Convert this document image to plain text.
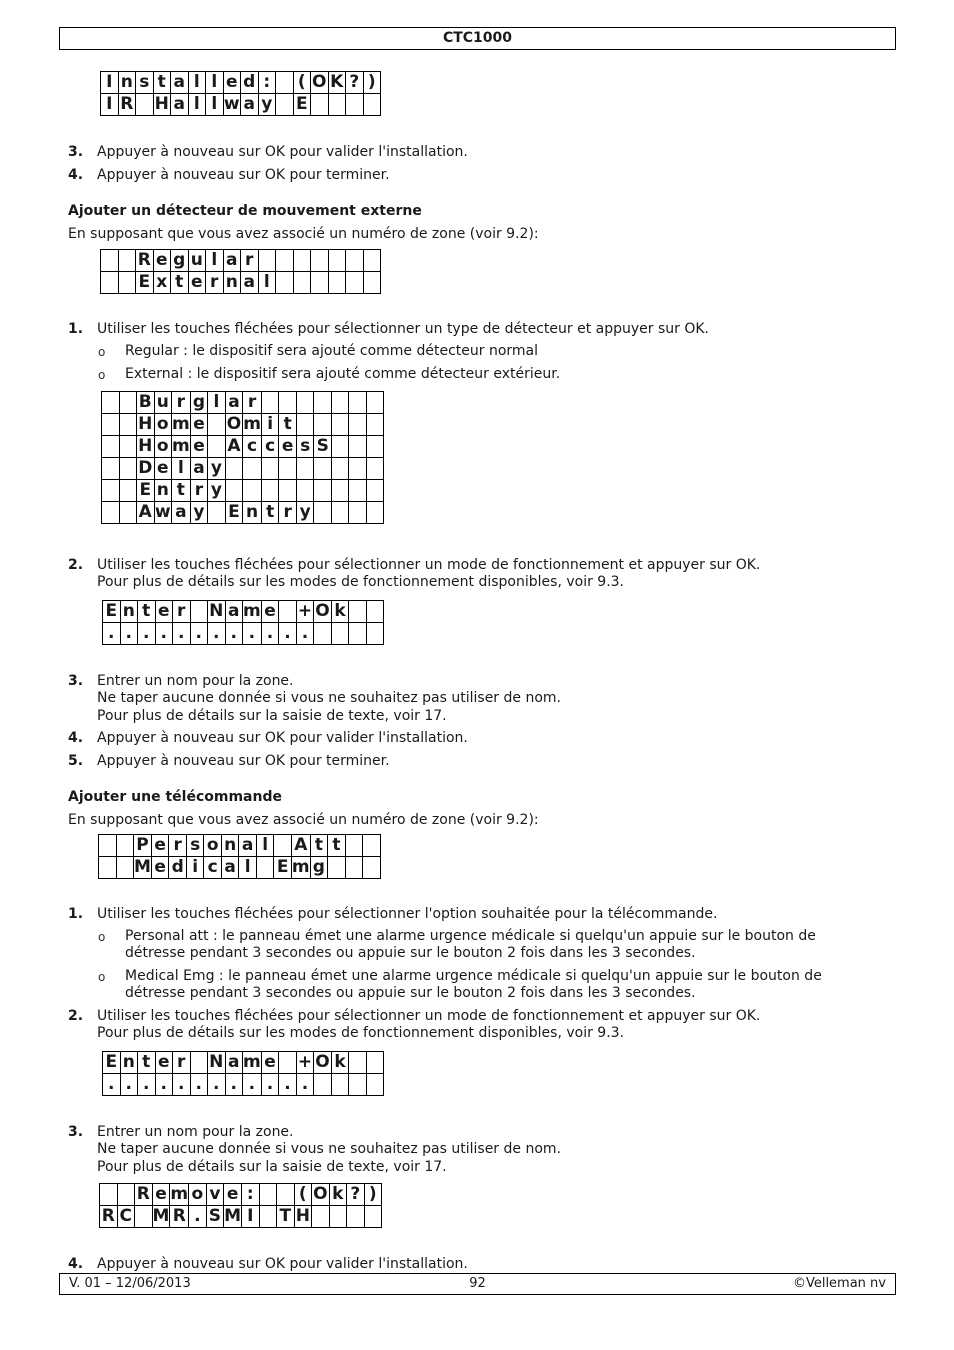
CTC1000
I	n	s	t	a	l	l	e	d	:		(	O	K	?	)
I	R		H	a	l	l	w	a	y		E				
3. Appuyer à nouveau sur OK pour valider l'installation.
4. Appuyer à nouveau sur OK pour terminer.
Ajouter un détecteur de mouvement externe
En supposant que vous avez associé un numéro de zone (voir 9.2):
		R	e	g	u	l	a	r							
		E	x	t	e	r	n	a	l						
1. Utiliser les touches fléchées pour sélectionner un type de détecteur et appuyer sur OK.
o Regular : le dispositif sera ajouté comme détecteur normal
o External : le dispositif sera ajouté comme détecteur extérieur.
		B	u	r	g	l	a	r							
		H	o	m	e		O	m	i	t					
		H	o	m	e		A	c	c	e	s	S			
		D	e	l	a	y									
		E	n	t	r	y									
		A	w	a	y		E	n	t	r	y				
2. Utiliser les touches fléchées pour sélectionner un mode de fonctionnement et appuyer sur OK.
Pour plus de détails sur les modes de fonctionnement disponibles, voir 9.3.
E	n	t	e	r		N	a	m	e		+	O	k		
.	.	.	.	.	.	.	.	.	.	.	.				
3. Entrer un nom pour la zone.
Ne taper aucune donnée si vous ne souhaitez pas utiliser de nom.
Pour plus de détails sur la saisie de texte, voir 17.
4. Appuyer à nouveau sur OK pour valider l'installation.
5. Appuyer à nouveau sur OK pour terminer.
Ajouter une télécommande
En supposant que vous avez associé un numéro de zone (voir 9.2):
		P	e	r	s	o	n	a	l		A	t	t		
		M	e	d	i	c	a	l		E	m	g			
1. Utiliser les touches fléchées pour sélectionner l'option souhaitée pour la télécommande.
o Personal att : le panneau émet une alarme urgence médicale si quelqu'un appuie sur le bouton de
détresse pendant 3 secondes ou appuie sur le bouton 2 fois dans les 3 secondes.
o Medical Emg : le panneau émet une alarme urgence médicale si quelqu'un appuie sur le bouton de
détresse pendant 3 secondes ou appuie sur le bouton 2 fois dans les 3 secondes.
2. Utiliser les touches fléchées pour sélectionner un mode de fonctionnement et appuyer sur OK.
Pour plus de détails sur les modes de fonctionnement disponibles, voir 9.3.
E	n	t	e	r		N	a	m	e		+	O	k		
.	.	.	.	.	.	.	.	.	.	.	.				
3. Entrer un nom pour la zone.
Ne taper aucune donnée si vous ne souhaitez pas utiliser de nom.
Pour plus de détails sur la saisie de texte, voir 17.
		R	e	m	o	v	e	:			(	O	k	?	)
R	C		M	R	.	S	M	I		T	H				
4. Appuyer à nouveau sur OK pour valider l'installation.
V. 01 – 12/06/2013	92	©Velleman nv
